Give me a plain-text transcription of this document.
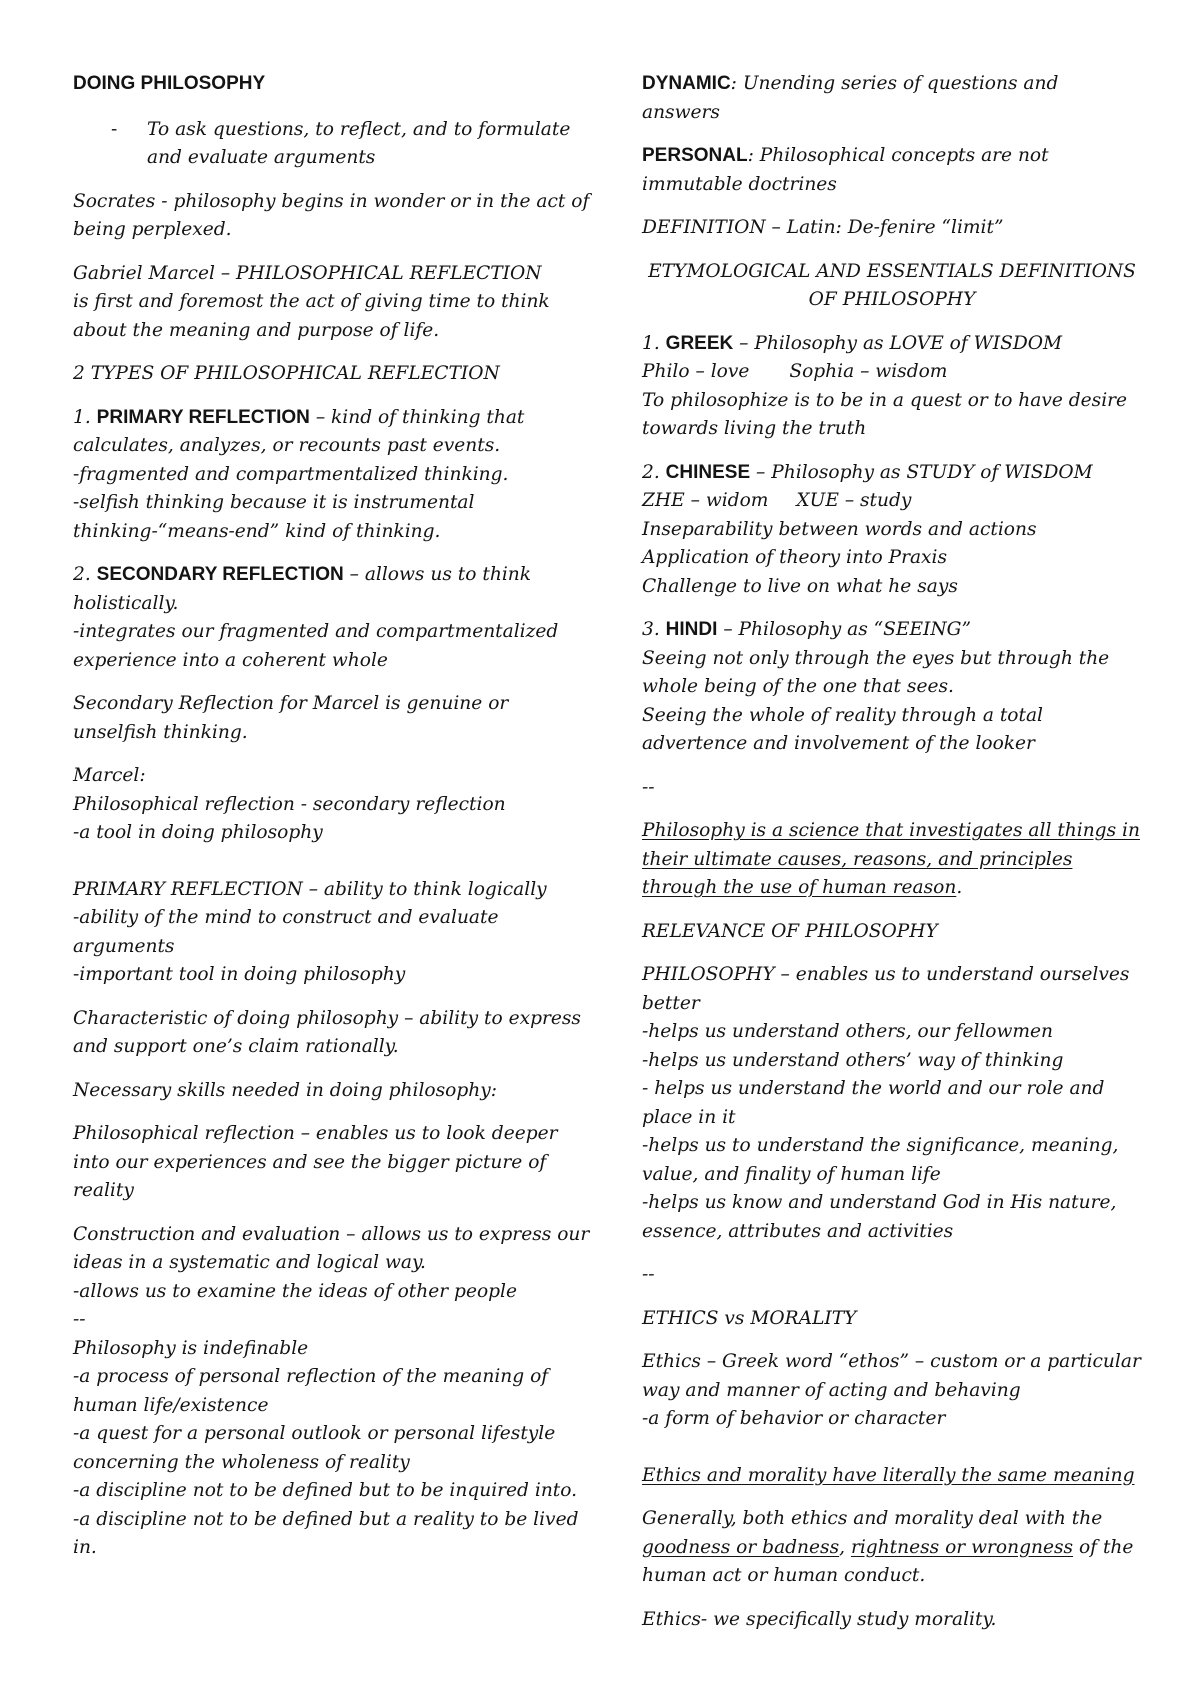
DOING PHILOSOPHY

- To ask questions, to reflect, and to formulate and evaluate arguments

Socrates - philosophy begins in wonder or in the act of being perplexed.

Gabriel Marcel – PHILOSOPHICAL REFLECTION
is first and foremost the act of giving time to think about the meaning and purpose of life.

2 TYPES OF PHILOSOPHICAL REFLECTION

1. PRIMARY REFLECTION – kind of thinking that calculates, analyzes, or recounts past events.
-fragmented and compartmentalized thinking.
-selfish thinking because it is instrumental thinking-“means-end” kind of thinking.

2. SECONDARY REFLECTION – allows us to think holistically.
-integrates our fragmented and compartmentalized experience into a coherent whole

Secondary Reflection for Marcel is genuine or unselfish thinking.

Marcel:
Philosophical reflection - secondary reflection
-a tool in doing philosophy

PRIMARY REFLECTION – ability to think logically
-ability of the mind to construct and evaluate arguments
-important tool in doing philosophy

Characteristic of doing philosophy – ability to express and support one’s claim rationally.

Necessary skills needed in doing philosophy:

Philosophical reflection – enables us to look deeper into our experiences and see the bigger picture of reality

Construction and evaluation – allows us to express our ideas in a systematic and logical way.
-allows us to examine the ideas of other people
--
Philosophy is indefinable
-a process of personal reflection of the meaning of human life/existence
-a quest for a personal outlook or personal lifestyle concerning the wholeness of reality
-a discipline not to be defined but to be inquired into.
-a discipline not to be defined but a reality to be lived in.

DYNAMIC: Unending series of questions and answers

PERSONAL: Philosophical concepts are not immutable doctrines

DEFINITION – Latin: De-fenire “limit”

ETYMOLOGICAL AND ESSENTIALS DEFINITIONS OF PHILOSOPHY

1. GREEK – Philosophy as LOVE of WISDOM
Philo – love Sophia – wisdom
To philosophize is to be in a quest or to have desire towards living the truth

2. CHINESE – Philosophy as STUDY of WISDOM
ZHE – widom XUE – study
Inseparability between words and actions
Application of theory into Praxis
Challenge to live on what he says

3. HINDI – Philosophy as “SEEING”
Seeing not only through the eyes but through the whole being of the one that sees.
Seeing the whole of reality through a total advertence and involvement of the looker

--

Philosophy is a science that investigates all things in their ultimate causes, reasons, and principles through the use of human reason.

RELEVANCE OF PHILOSOPHY

PHILOSOPHY – enables us to understand ourselves better
-helps us understand others, our fellowmen
-helps us understand others’ way of thinking
- helps us understand the world and our role and place in it
-helps us to understand the significance, meaning, value, and finality of human life
-helps us know and understand God in His nature, essence, attributes and activities

--

ETHICS vs MORALITY

Ethics – Greek word “ethos” – custom or a particular way and manner of acting and behaving
-a form of behavior or character

Ethics and morality have literally the same meaning

Generally, both ethics and morality deal with the goodness or badness, rightness or wrongness of the human act or human conduct.

Ethics- we specifically study morality.
